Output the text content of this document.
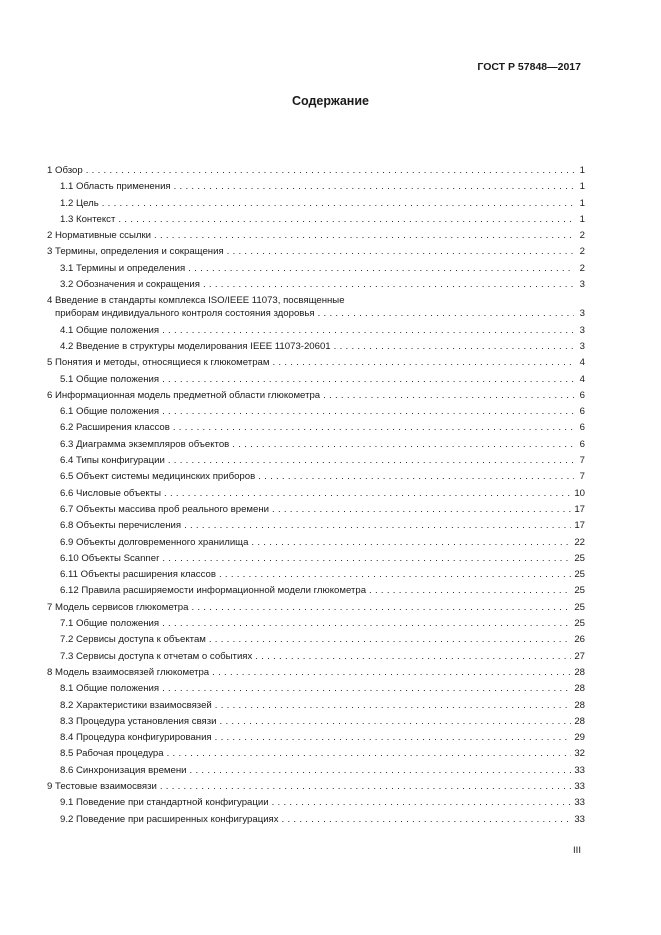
ГОСТ Р 57848—2017
Содержание
1 Обзор . . .	1
1.1 Область применения . . .	1
1.2 Цель . . .	1
1.3 Контекст . . .	1
2 Нормативные ссылки . . .	2
3 Термины, определения и сокращения . . .	2
3.1 Термины и определения . . .	2
3.2 Обозначения и сокращения . . .	3
4 Введение в стандарты комплекса ISO/IEEE 11073, посвященные
приборам индивидуального контроля состояния здоровья . . .	3
4.1 Общие положения . . .	3
4.2 Введение в структуры моделирования IEEE 11073-20601 . . .	3
5 Понятия и методы, относящиеся к глюкометрам . . .	4
5.1 Общие положения . . .	4
6 Информационная модель предметной области глюкометра . . .	6
6.1 Общие положения . . .	6
6.2 Расширения классов . . .	6
6.3 Диаграмма экземпляров объектов . . .	6
6.4 Типы конфигурации . . .	7
6.5 Объект системы медицинских приборов . . .	7
6.6 Числовые объекты . . .	10
6.7 Объекты массива проб реального времени . . .	17
6.8 Объекты перечисления . . .	17
6.9 Объекты долговременного хранилища . . .	22
6.10 Объекты Scanner . . .	25
6.11 Объекты расширения классов . . .	25
6.12 Правила расширяемости информационной модели глюкометра . . .	25
7 Модель сервисов глюкометра . . .	25
7.1 Общие положения . . .	25
7.2 Сервисы доступа к объектам . . .	26
7.3 Сервисы доступа к отчетам о событиях . . .	27
8 Модель взаимосвязей глюкометра . . .	28
8.1 Общие положения . . .	28
8.2 Характеристики взаимосвязей . . .	28
8.3 Процедура установления связи . . .	28
8.4 Процедура конфигурирования . . .	29
8.5 Рабочая процедура . . .	32
8.6 Синхронизация времени . . .	33
9 Тестовые взаимосвязи . . .	33
9.1 Поведение при стандартной конфигурации . . .	33
9.2 Поведение при расширенных конфигурациях . . .	33
III
